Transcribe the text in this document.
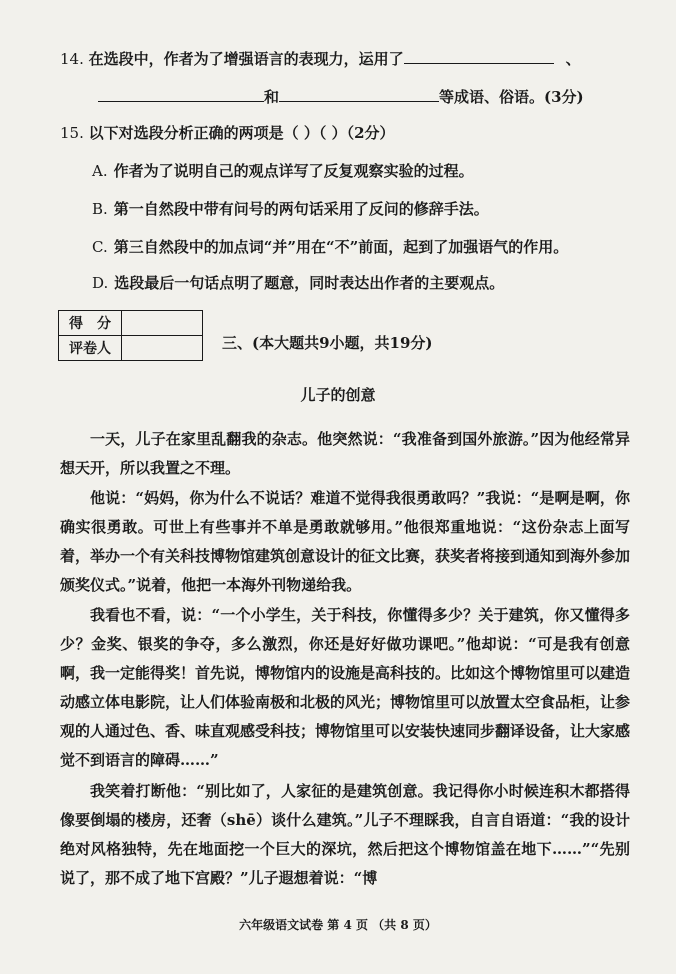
14. 在选段中，作者为了增强语言的表现力，运用了	、
和	等成语、俗语。(3分)
15. 以下对选段分析正确的两项是（ ）（ ）（2分）
A. 作者为了说明自己的观点详写了反复观察实验的过程。
B. 第一自然段中带有问号的两句话采用了反问的修辞手法。
C. 第三自然段中的加点词“并”用在“不”前面，起到了加强语气的作用。
D. 选段最后一句话点明了题意，同时表达出作者的主要观点。
得　分	
评卷人		三、(本大题共9小题，共19分)
儿子的创意
一天，儿子在家里乱翻我的杂志。他突然说：“我准备到国外旅游。”因为他经常异想天开，所以我置之不理。
他说：“妈妈，你为什么不说话？难道不觉得我很勇敢吗？”我说：“是啊是啊，你确实很勇敢。可世上有些事并不单是勇敢就够用。”他很郑重地说：“这份杂志上面写着，举办一个有关科技博物馆建筑创意设计的征文比赛，获奖者将接到通知到海外参加颁奖仪式。”说着，他把一本海外刊物递给我。
我看也不看，说：“一个小学生，关于科技，你懂得多少？关于建筑，你又懂得多少？金奖、银奖的争夺，多么激烈，你还是好好做功课吧。”他却说：“可是我有创意啊，我一定能得奖！首先说，博物馆内的设施是高科技的。比如这个博物馆里可以建造动感立体电影院，让人们体验南极和北极的风光；博物馆里可以放置太空食品柜，让参观的人通过色、香、味直观感受科技；博物馆里可以安装快速同步翻译设备，让大家感觉不到语言的障碍……”
我笑着打断他：“别比如了，人家征的是建筑创意。我记得你小时候连积木都搭得像要倒塌的楼房，还奢（shē）谈什么建筑。”儿子不理睬我，自言自语道：“我的设计绝对风格独特，先在地面挖一个巨大的深坑，然后把这个博物馆盖在地下……”“先别说了，那不成了地下宫殿？”儿子遐想着说：“博
六年级语文试卷 第 4 页 （共 8 页）
